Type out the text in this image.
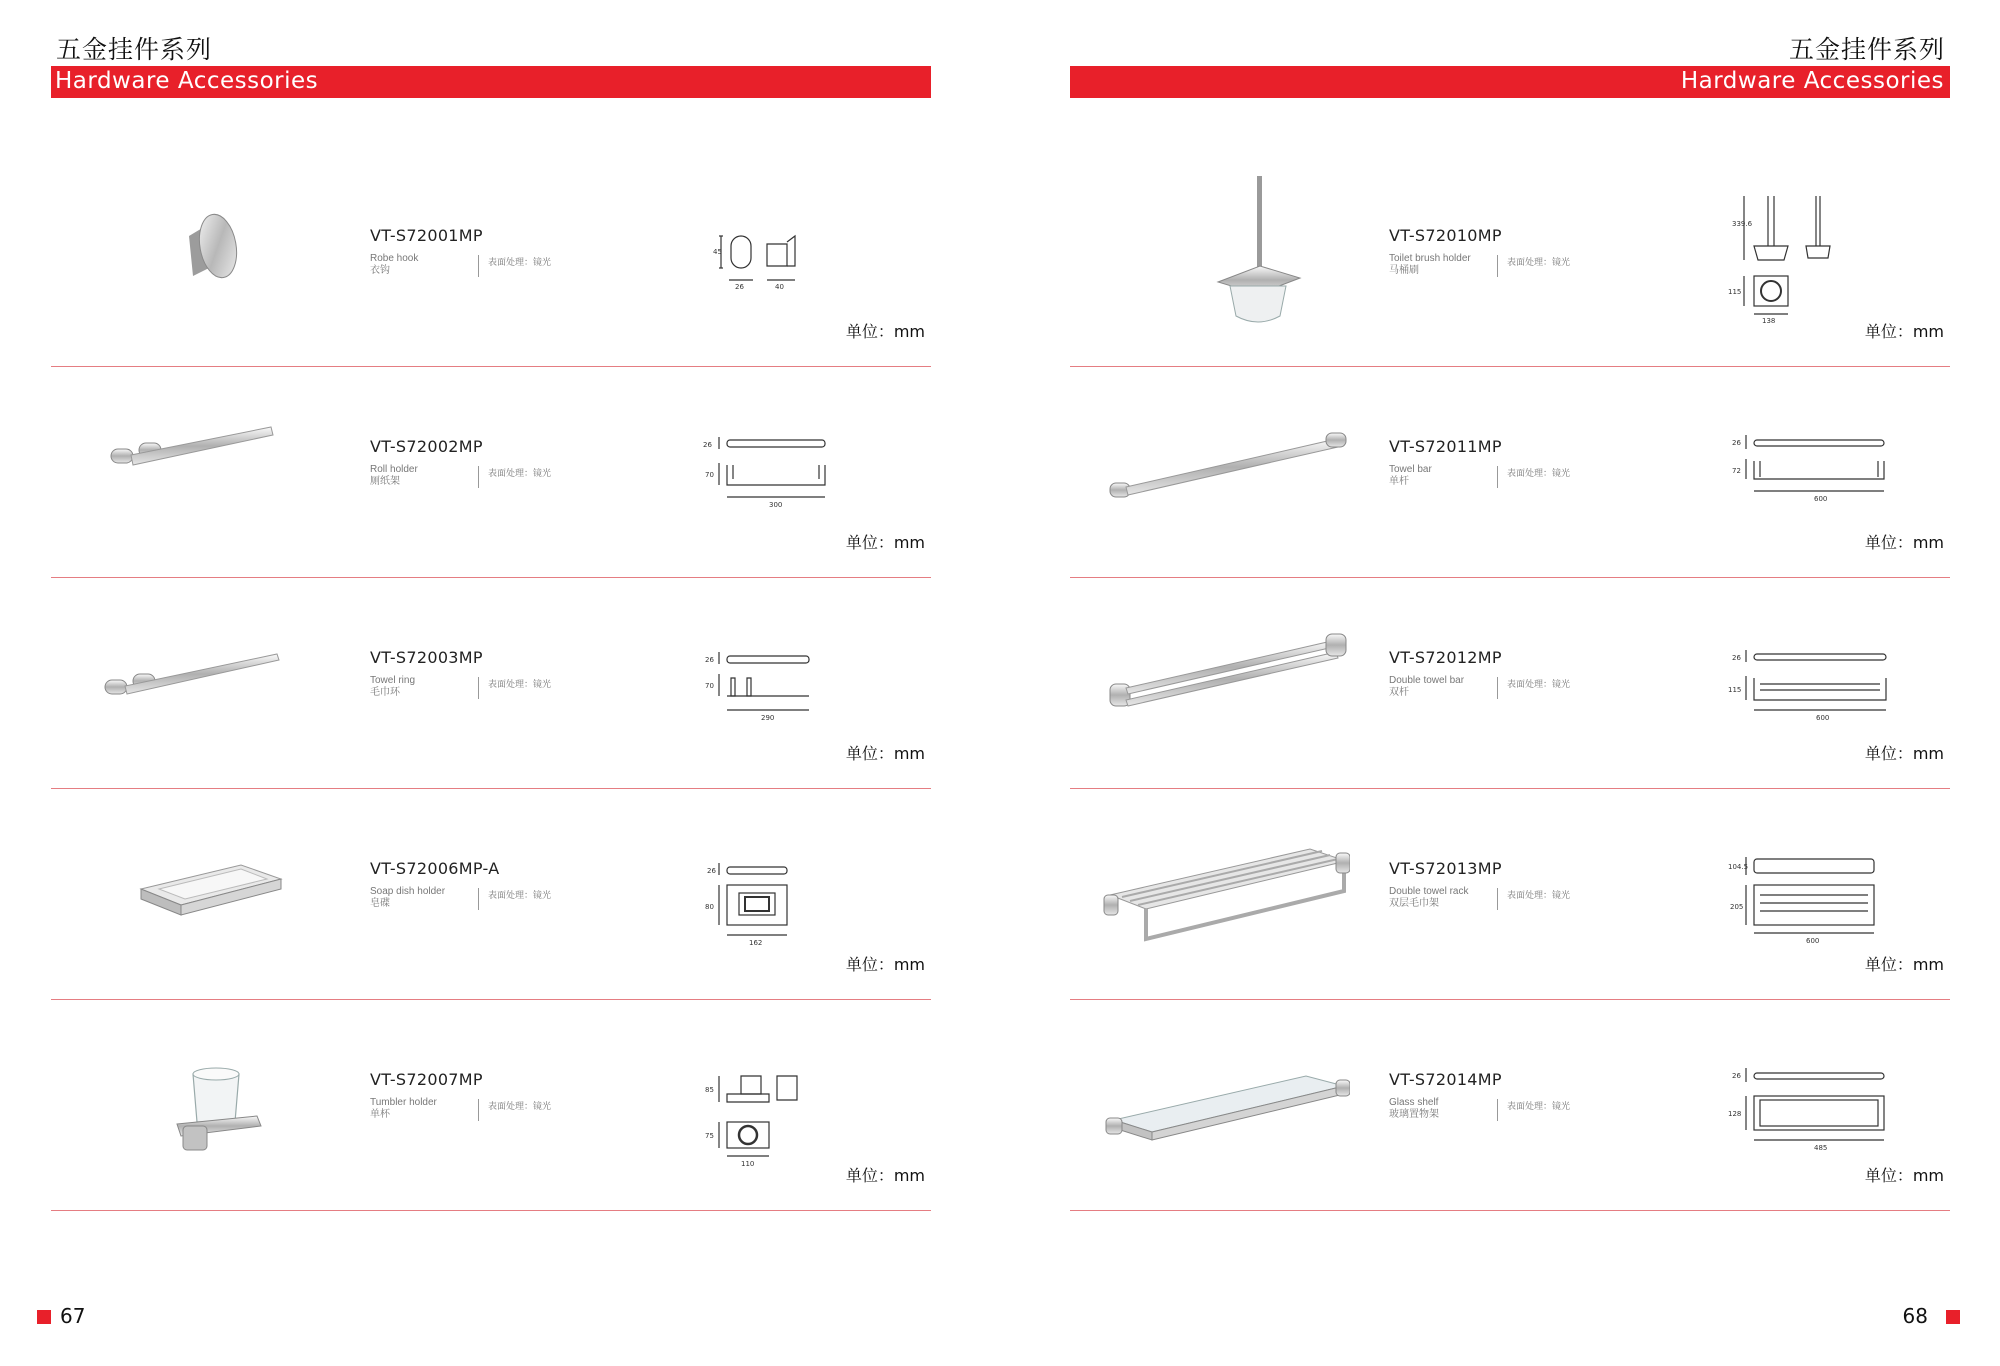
五金挂件系列
Hardware Accessories
VT-S72001MP
Robe hook
衣钩
表面处理：镜光
45
26	40
单位：mm
VT-S72002MP
Roll holder
厕纸架
表面处理：镜光
26
70
300
单位：mm
VT-S72003MP
Towel ring
毛巾环
表面处理：镜光
26
70
290
单位：mm
VT-S72006MP-A
Soap dish holder
皂碟
表面处理：镜光
26
80
162
单位：mm
VT-S72007MP
Tumbler holder
单杯
表面处理：镜光
85
75
110
单位：mm
67
五金挂件系列
Hardware Accessories
VT-S72010MP
Toilet brush holder
马桶刷
表面处理：镜光
339.6
115
138
单位：mm
VT-S72011MP
Towel bar
单杆
表面处理：镜光
26
72
600
单位：mm
VT-S72012MP
Double towel bar
双杆
表面处理：镜光
26
115
600
单位：mm
VT-S72013MP
Double towel rack
双层毛巾架
表面处理：镜光
104.5
205
600
单位：mm
VT-S72014MP
Glass shelf
玻璃置物架
表面处理：镜光
26
128
485
单位：mm
68
